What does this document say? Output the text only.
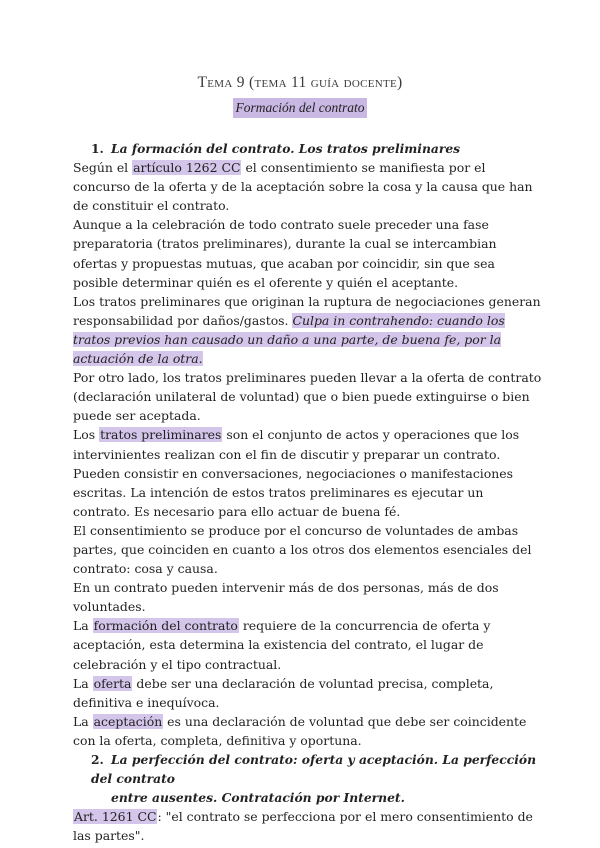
Tema 9 (tema 11 guía docente)
Formación del contrato

1. La formación del contrato. Los tratos preliminares

Según el artículo 1262 CC el consentimiento se manifiesta por el concurso de la oferta y de la aceptación sobre la cosa y la causa que han de constituir el contrato.

Aunque a la celebración de todo contrato suele preceder una fase preparatoria (tratos preliminares), durante la cual se intercambian ofertas y propuestas mutuas, que acaban por coincidir, sin que sea posible determinar quién es el oferente y quién el aceptante.

Los tratos preliminares que originan la ruptura de negociaciones generan responsabilidad por daños/gastos. Culpa in contrahendo: cuando los tratos previos han causado un daño a una parte, de buena fe, por la actuación de la otra.

Por otro lado, los tratos preliminares pueden llevar a la oferta de contrato (declaración unilateral de voluntad) que o bien puede extinguirse o bien puede ser aceptada.

Los tratos preliminares son el conjunto de actos y operaciones que los intervinientes realizan con el fin de discutir y preparar un contrato. Pueden consistir en conversaciones, negociaciones o manifestaciones escritas. La intención de estos tratos preliminares es ejecutar un contrato. Es necesario para ello actuar de buena fé.

El consentimiento se produce por el concurso de voluntades de ambas partes, que coinciden en cuanto a los otros dos elementos esenciales del contrato: cosa y causa.

En un contrato pueden intervenir más de dos personas, más de dos voluntades.

La formación del contrato requiere de la concurrencia de oferta y aceptación, esta determina la existencia del contrato, el lugar de celebración y el tipo contractual.

La oferta debe ser una declaración de voluntad precisa, completa, definitiva e inequívoca.

La aceptación es una declaración de voluntad que debe ser coincidente con la oferta, completa, definitiva y oportuna.

2. La perfección del contrato: oferta y aceptación. La perfección del contrato
entre ausentes. Contratación por Internet.

Art. 1261 CC: "el contrato se perfecciona por el mero consentimiento de las partes".
